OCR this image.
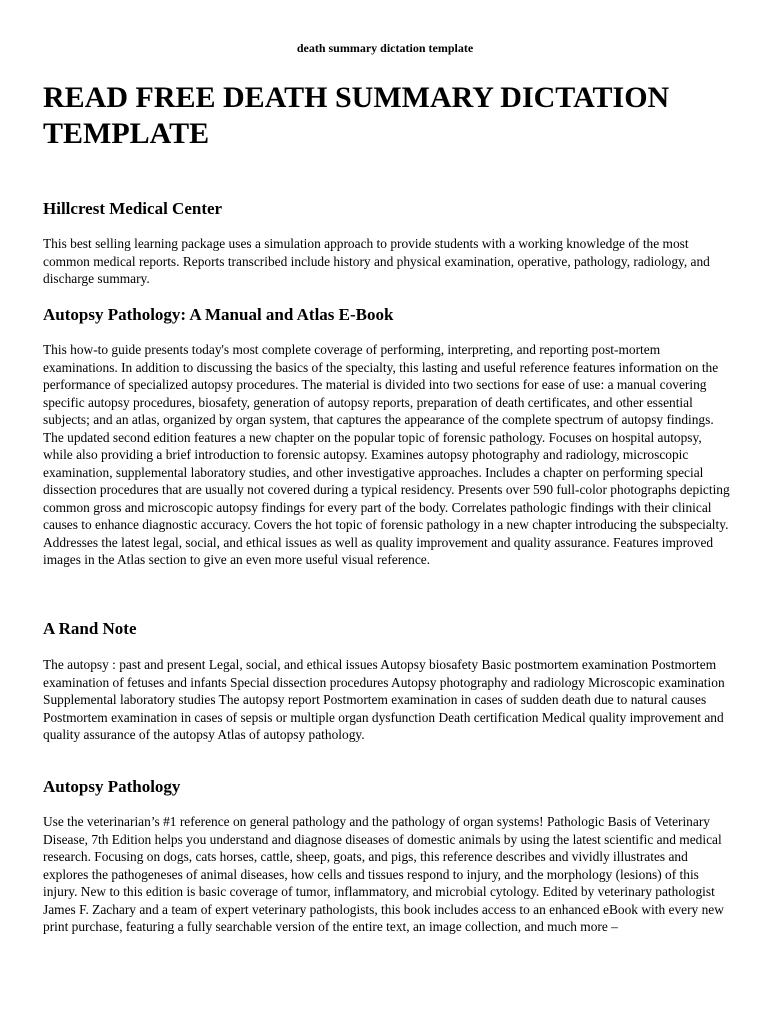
death summary dictation template
READ FREE DEATH SUMMARY DICTATION TEMPLATE
Hillcrest Medical Center

This best selling learning package uses a simulation approach to provide students with a working knowledge of the most common medical reports. Reports transcribed include history and physical examination, operative, pathology, radiology, and discharge summary.

Autopsy Pathology: A Manual and Atlas E-Book

This how-to guide presents today's most complete coverage of performing, interpreting, and reporting post-mortem examinations. In addition to discussing the basics of the specialty, this lasting and useful reference features information on the performance of specialized autopsy procedures. The material is divided into two sections for ease of use: a manual covering specific autopsy procedures, biosafety, generation of autopsy reports, preparation of death certificates, and other essential subjects; and an atlas, organized by organ system, that captures the appearance of the complete spectrum of autopsy findings. The updated second edition features a new chapter on the popular topic of forensic pathology. Focuses on hospital autopsy, while also providing a brief introduction to forensic autopsy. Examines autopsy photography and radiology, microscopic examination, supplemental laboratory studies, and other investigative approaches. Includes a chapter on performing special dissection procedures that are usually not covered during a typical residency. Presents over 590 full-color photographs depicting common gross and microscopic autopsy findings for every part of the body. Correlates pathologic findings with their clinical causes to enhance diagnostic accuracy. Covers the hot topic of forensic pathology in a new chapter introducing the subspecialty. Addresses the latest legal, social, and ethical issues as well as quality improvement and quality assurance. Features improved images in the Atlas section to give an even more useful visual reference.

A Rand Note

The autopsy : past and present Legal, social, and ethical issues Autopsy biosafety Basic postmortem examination Postmortem examination of fetuses and infants Special dissection procedures Autopsy photography and radiology Microscopic examination Supplemental laboratory studies The autopsy report Postmortem examination in cases of sudden death due to natural causes Postmortem examination in cases of sepsis or multiple organ dysfunction Death certification Medical quality improvement and quality assurance of the autopsy Atlas of autopsy pathology.

Autopsy Pathology

Use the veterinarian’s #1 reference on general pathology and the pathology of organ systems! Pathologic Basis of Veterinary Disease, 7th Edition helps you understand and diagnose diseases of domestic animals by using the latest scientific and medical research. Focusing on dogs, cats horses, cattle, sheep, goats, and pigs, this reference describes and vividly illustrates and explores the pathogeneses of animal diseases, how cells and tissues respond to injury, and the morphology (lesions) of this injury. New to this edition is basic coverage of tumor, inflammatory, and microbial cytology. Edited by veterinary pathologist James F. Zachary and a team of expert veterinary pathologists, this book includes access to an enhanced eBook with every new print purchase, featuring a fully searchable version of the entire text, an image collection, and much more –
